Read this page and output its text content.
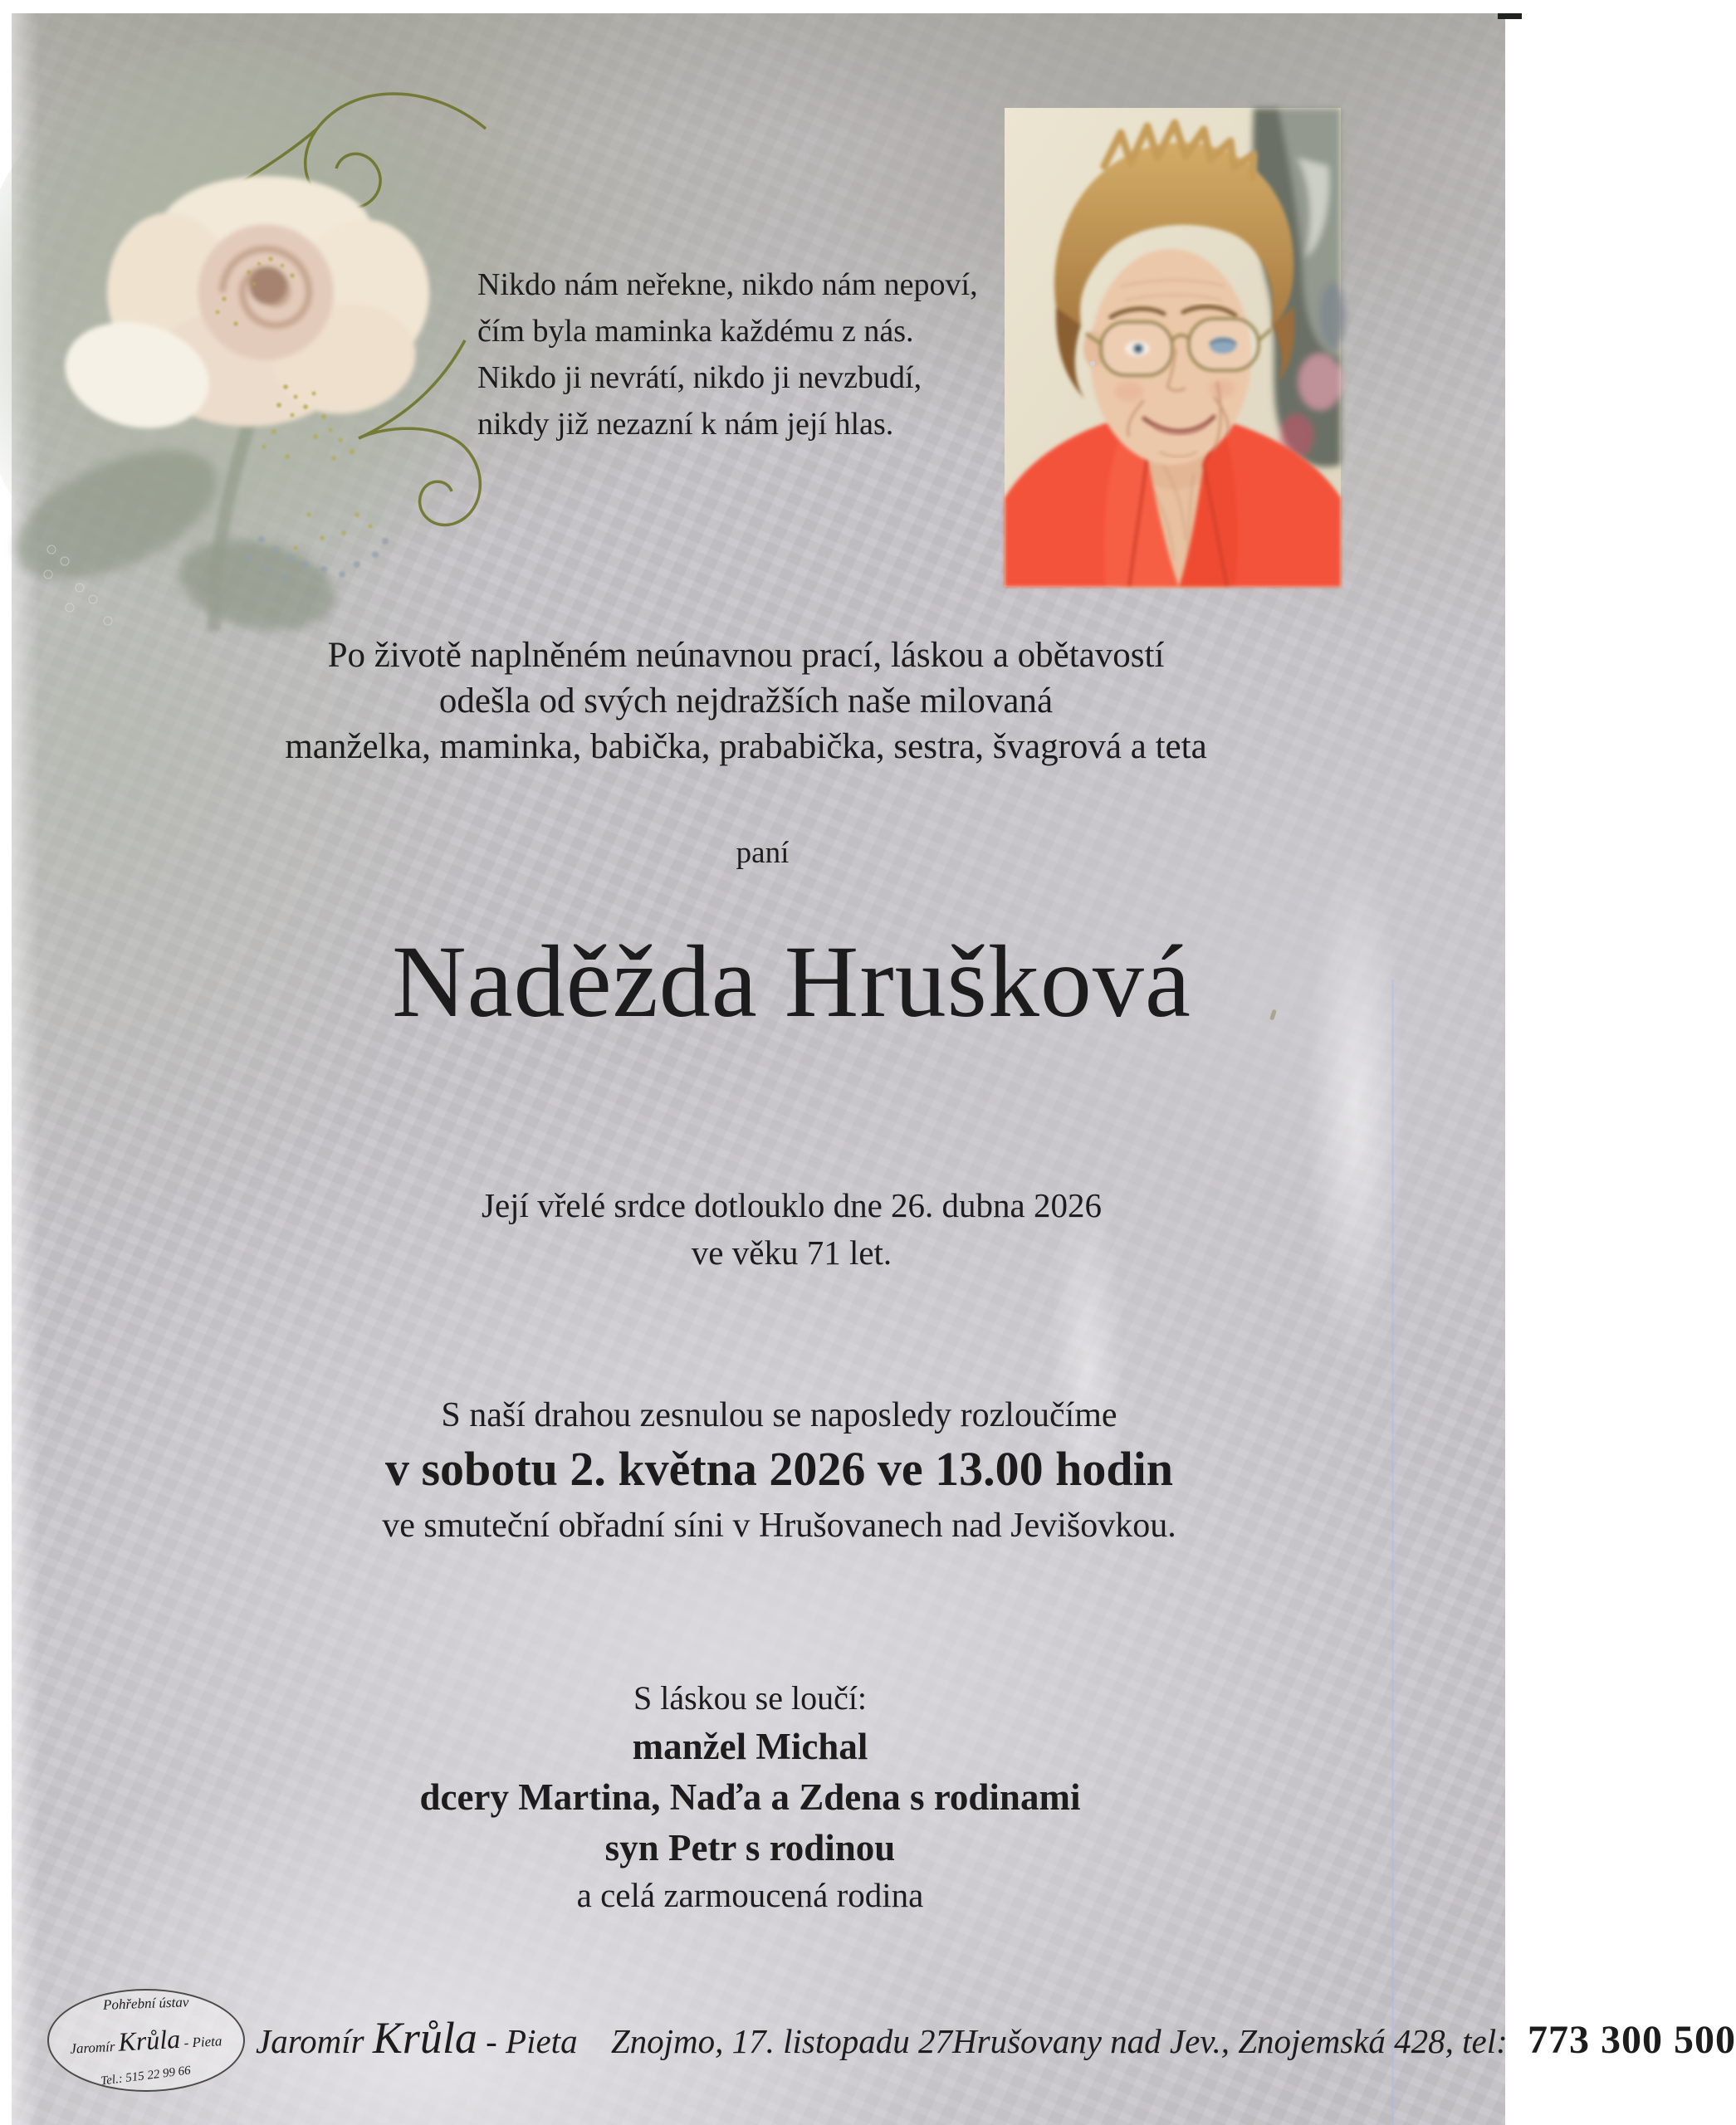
Nikdo nám neřekne, nikdo nám nepoví,
čím byla maminka každému z nás.
Nikdo ji nevrátí, nikdo ji nevzbudí,
nikdy již nezazní k nám její hlas.
Po životě naplněném neúnavnou prací, láskou a obětavostí
odešla od svých nejdražších naše milovaná
manželka, maminka, babička, prababička, sestra, švagrová a teta
paní
Naděžda Hrušková
Její vřelé srdce dotlouklo dne 26. dubna 2026
ve věku 71 let.
S naší drahou zesnulou se naposledy rozloučíme
v sobotu 2. května 2026 ve 13.00 hodin
ve smuteční obřadní síni v Hrušovanech nad Jevišovkou.
S láskou se loučí:
manžel Michal
dcery Martina, Naďa a Zdena s rodinami
syn Petr s rodinou
a celá zarmoucená rodina
Pohřební ústav
Jaromír Krůla - Pieta
Tel.: 515 22 99 66
Jaromír Krůla - Pieta Znojmo, 17. listopadu 27 Hrušovany nad Jev., Znojemská 428, tel: 773 300 500
